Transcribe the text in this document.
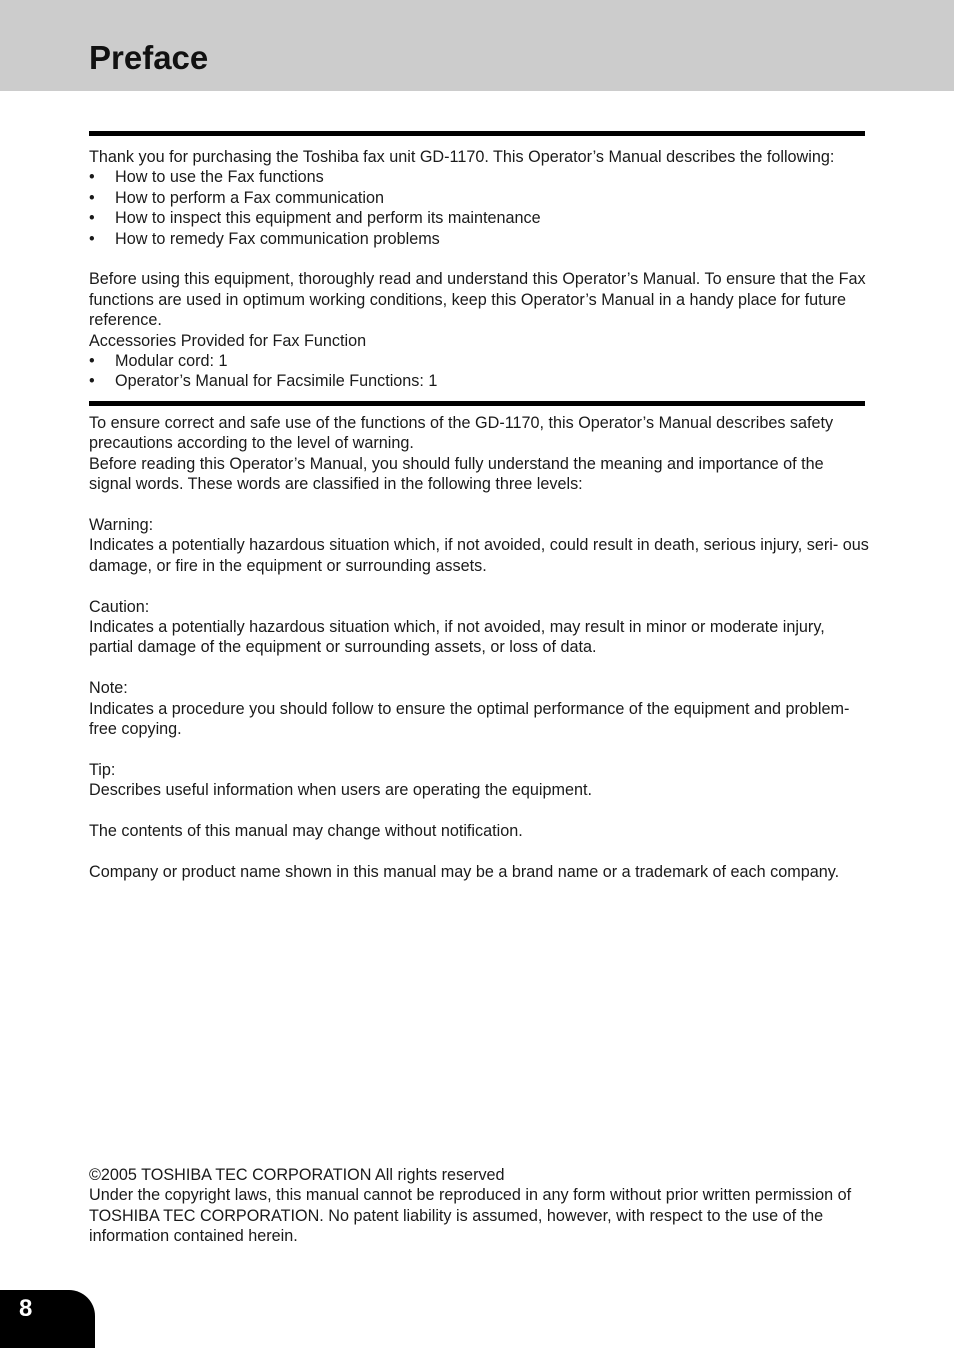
Preface

Thank you for purchasing the Toshiba fax unit GD-1170. This Operator’s Manual describes the following:

•	How to use the Fax functions
•	How to perform a Fax communication
•	How to inspect this equipment and perform its maintenance
•	How to remedy Fax communication problems

Before using this equipment, thoroughly read and understand this Operator’s Manual. To ensure that the Fax functions are used in optimum working conditions, keep this Operator’s Manual in a handy place for future reference.

Accessories Provided for Fax Function

•	Modular cord: 1
•	Operator’s Manual for Facsimile Functions: 1

To ensure correct and safe use of the functions of the GD-1170, this Operator’s Manual describes safety precautions according to the level of warning.

Before reading this Operator’s Manual, you should fully understand the meaning and importance of the signal words. These words are classified in the following three levels:

Warning:

Indicates a potentially hazardous situation which, if not avoided, could result in death, serious injury, seri- ous damage, or fire in the equipment or surrounding assets.

Caution:

Indicates a potentially hazardous situation which, if not avoided, may result in minor or moderate injury, partial damage of the equipment or surrounding assets, or loss of data.

Note:

Indicates a procedure you should follow to ensure the optimal performance of the equipment and problem- free copying.

Tip:

Describes useful information when users are operating the equipment.

The contents of this manual may change without notification.

Company or product name shown in this manual may be a brand name or a trademark of each company.

©2005 TOSHIBA TEC CORPORATION All rights reserved

Under the copyright laws, this manual cannot be reproduced in any form without prior written permission of TOSHIBA TEC CORPORATION. No patent liability is assumed, however, with respect to the use of the information contained herein.

8
